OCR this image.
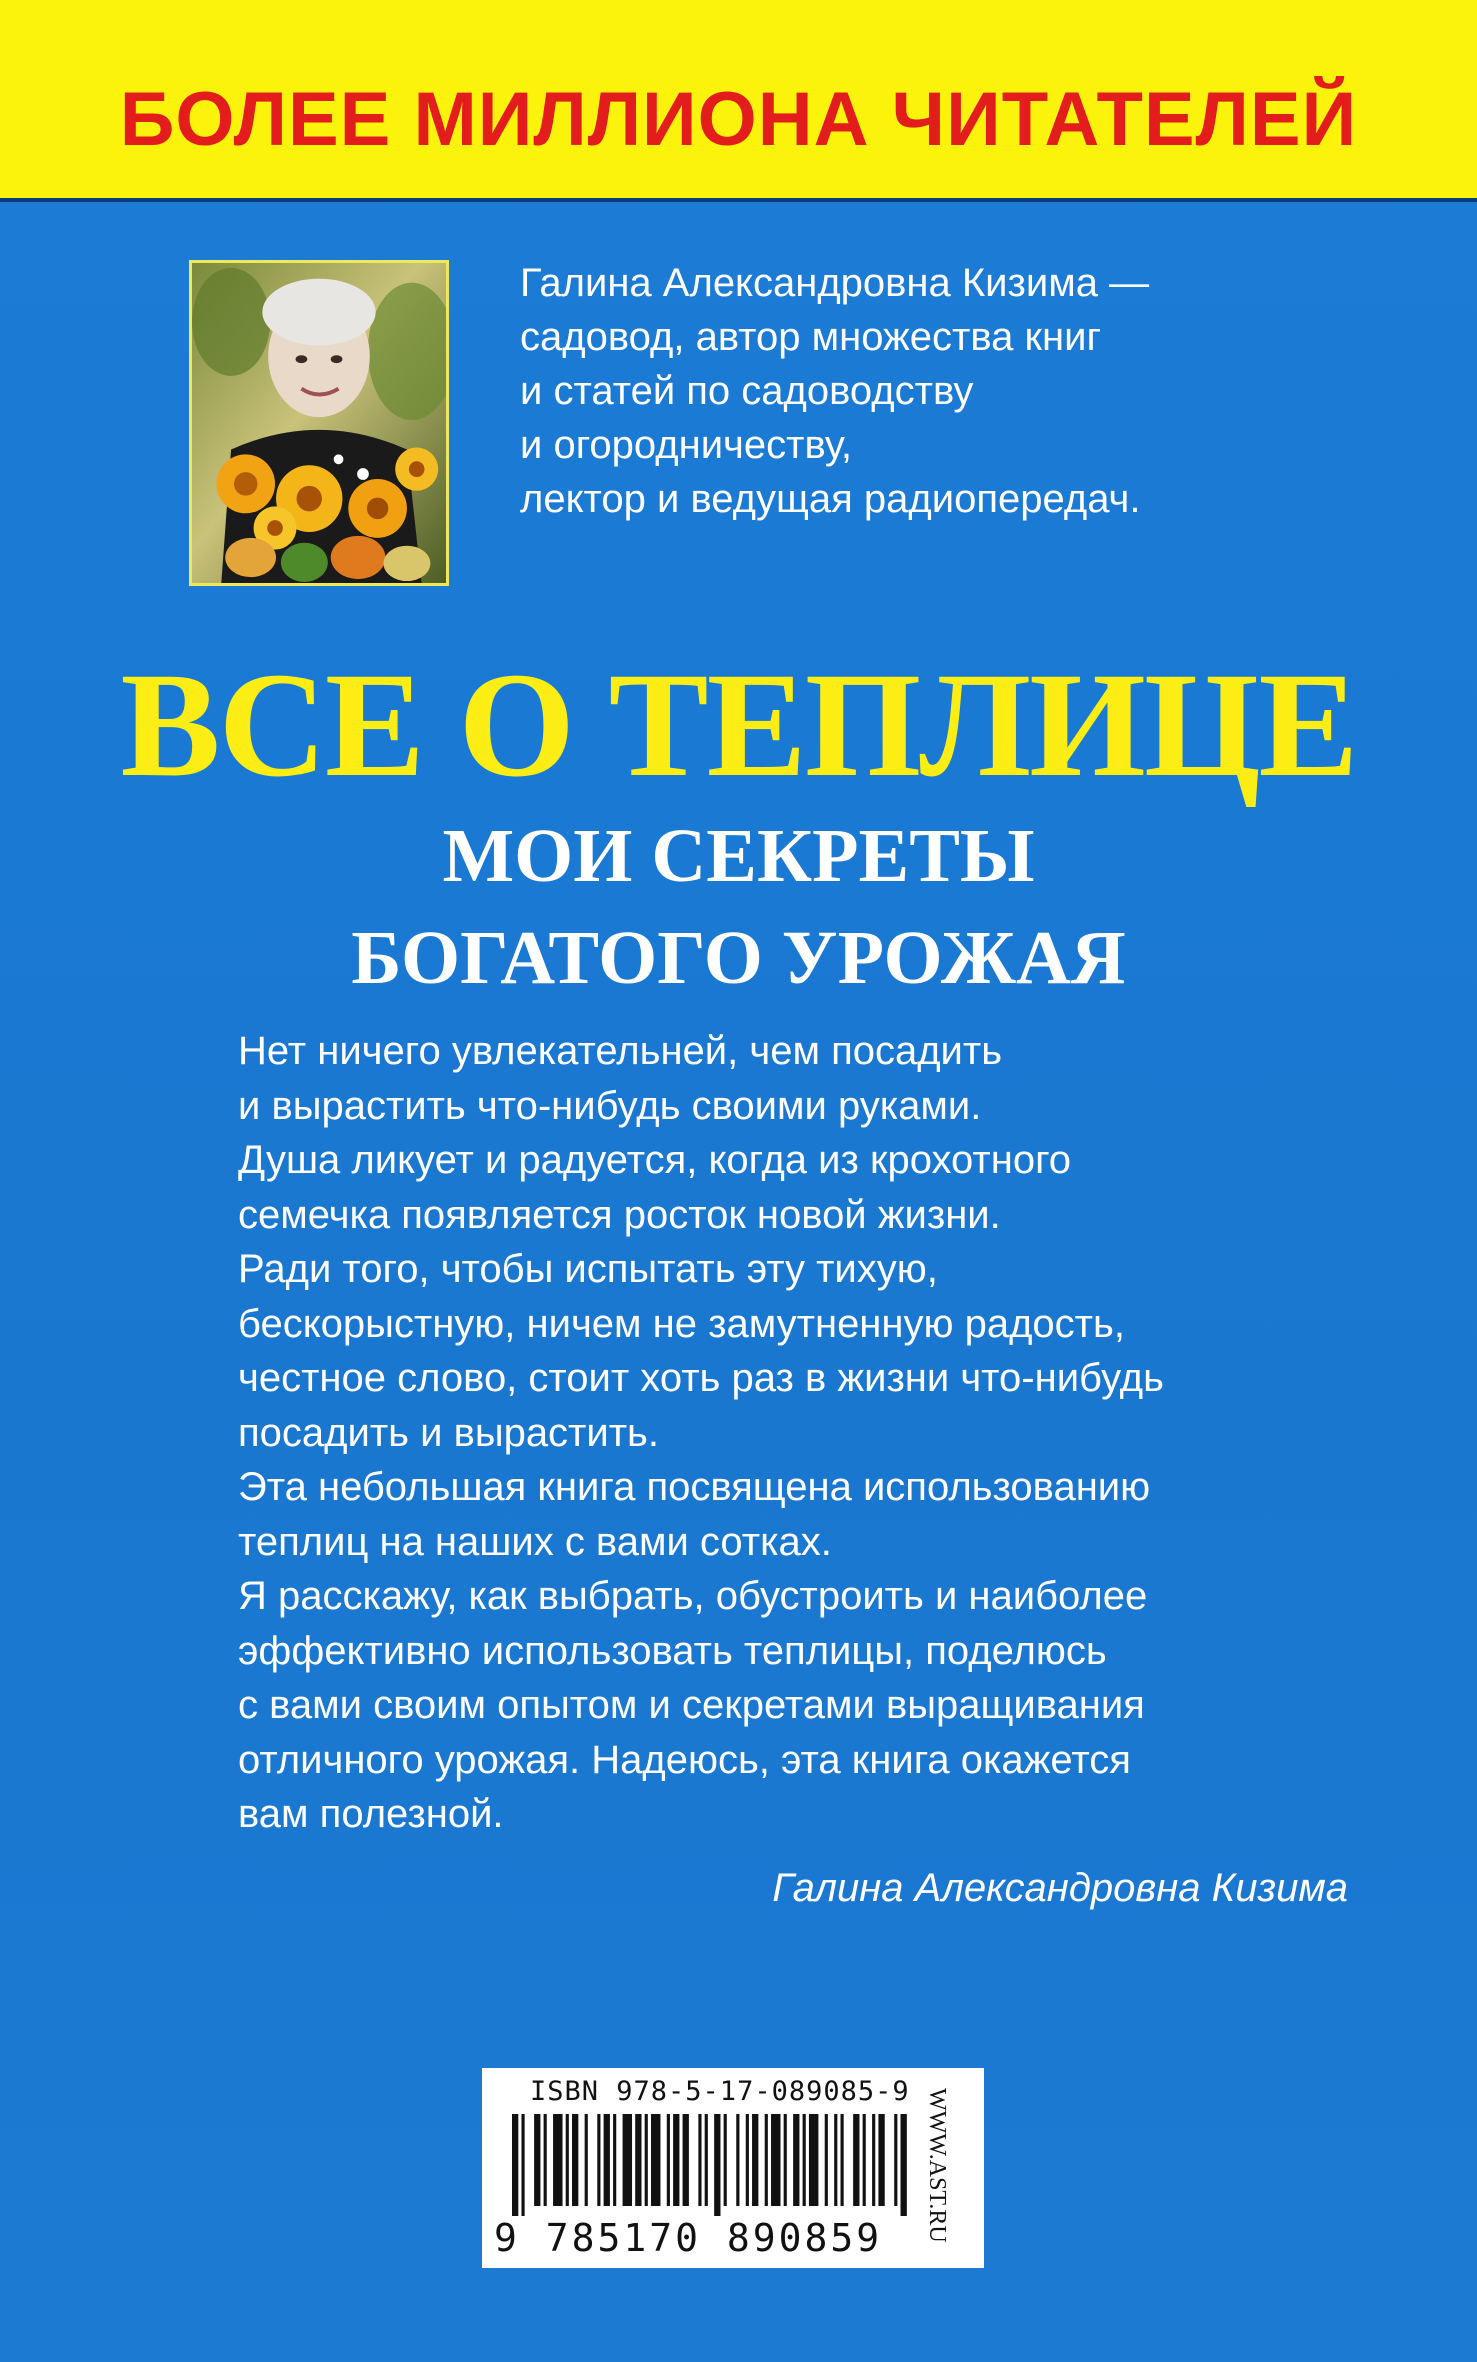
БОЛЕЕ МИЛЛИОНА ЧИТАТЕЛЕЙ
Галина Александровна Кизима —
садовод, автор множества книг
и статей по садоводству
и огородничеству,
лектор и ведущая радиопередач.
ВСЕ О ТЕПЛИЦЕ
МОИ СЕКРЕТЫ
БОГАТОГО УРОЖАЯ
Нет ничего увлекательней, чем посадить
и вырастить что-нибудь своими руками.
Душа ликует и радуется, когда из крохотного
семечка появляется росток новой жизни.
Ради того, чтобы испытать эту тихую,
бескорыстную, ничем не замутненную радость,
честное слово, стоит хоть раз в жизни что-нибудь
посадить и вырастить.
Эта небольшая книга посвящена использованию
теплиц на наших с вами сотках.
Я расскажу, как выбрать, обустроить и наиболее
эффективно использовать теплицы, поделюсь
с вами своим опытом и секретами выращивания
отличного урожая. Надеюсь, эта книга окажется
вам полезной.
Галина Александровна Кизима
ISBN 978-5-17-089085-9
9 785170 890859 WWW.AST.RU
